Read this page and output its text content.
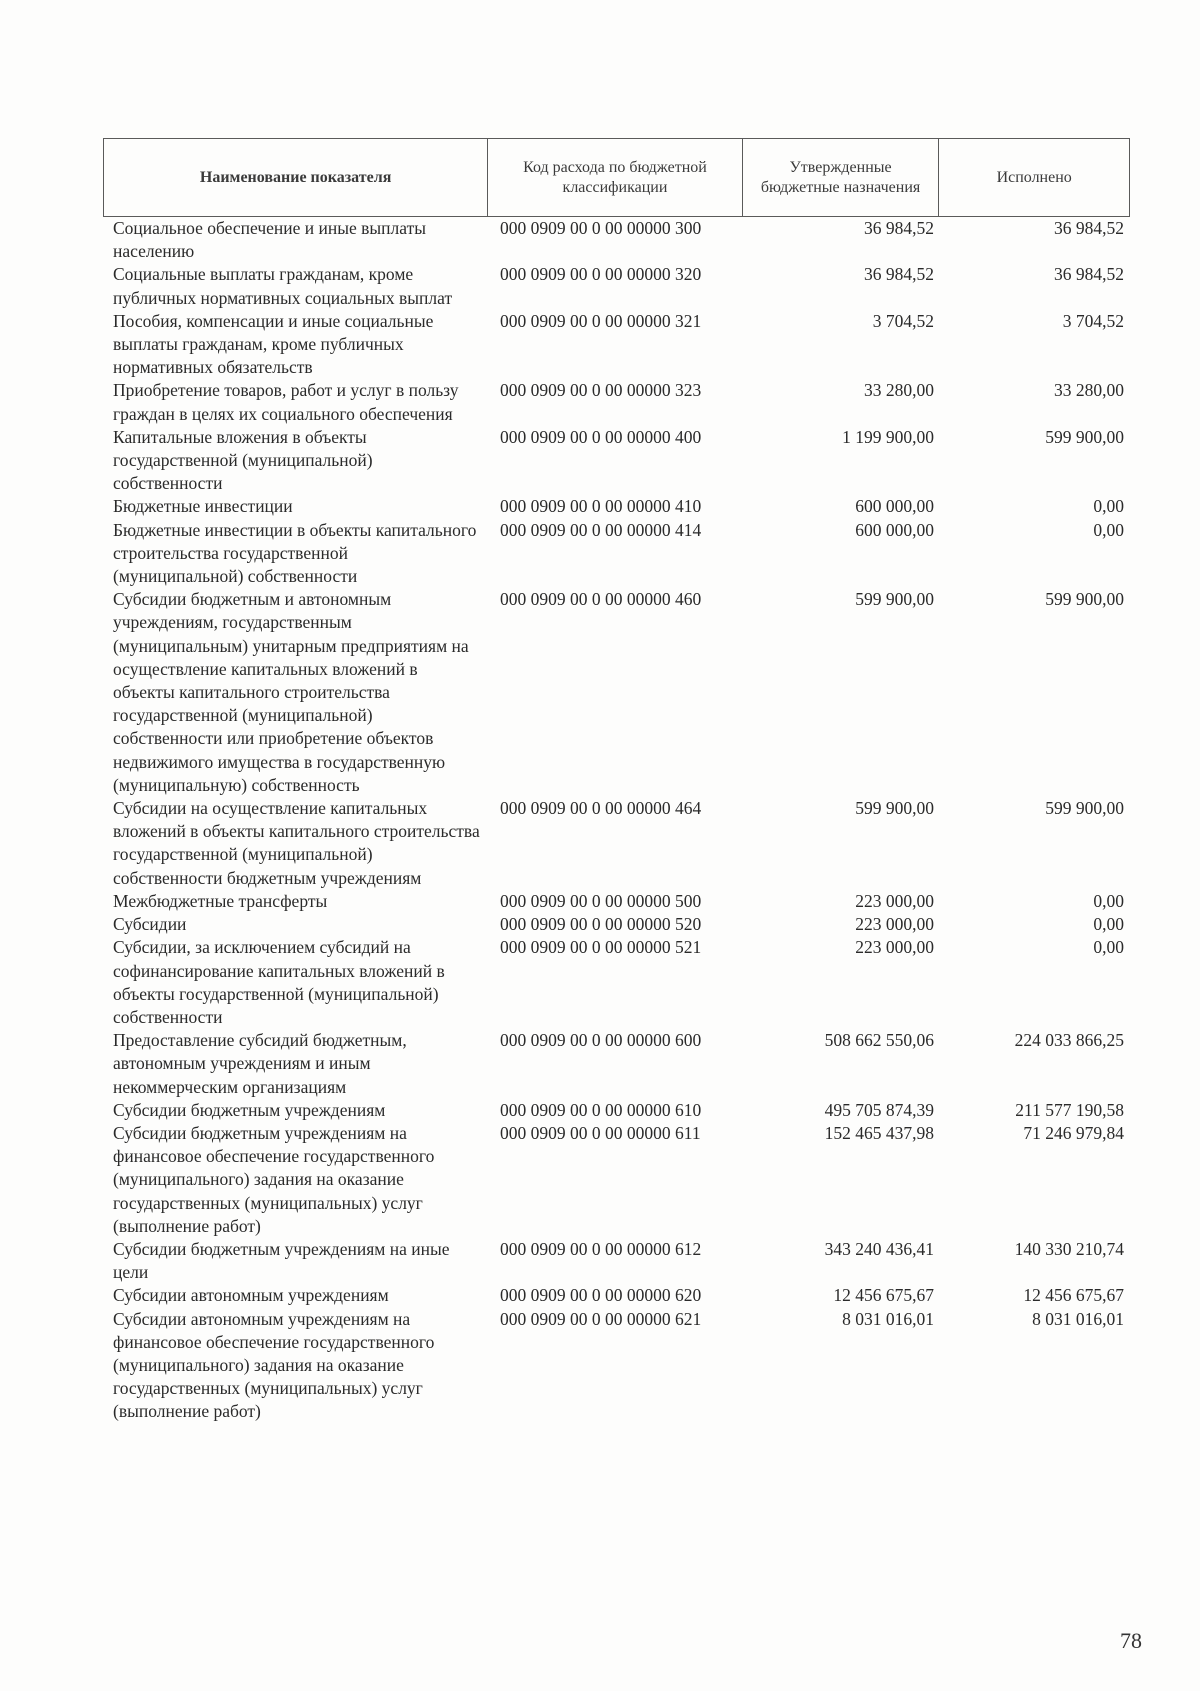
Наименование показателя
Код расхода по бюджетной классификации
Утвержденные бюджетные назначения
Исполнено
Социальное обеспечение и иные выплаты населению
000 0909 00 0 00 00000 300	36 984,52	36 984,52
Социальные выплаты гражданам, кроме публичных нормативных социальных выплат
000 0909 00 0 00 00000 320	36 984,52	36 984,52
Пособия, компенсации и иные социальные выплаты гражданам, кроме публичных нормативных обязательств
000 0909 00 0 00 00000 321	3 704,52	3 704,52
Приобретение товаров, работ и услуг в пользу граждан в целях их социального обеспечения
000 0909 00 0 00 00000 323	33 280,00	33 280,00
Капитальные вложения в объекты государственной (муниципальной) собственности
000 0909 00 0 00 00000 400	1 199 900,00	599 900,00
Бюджетные инвестиции	000 0909 00 0 00 00000 410	600 000,00	0,00
Бюджетные инвестиции в объекты капитального строительства государственной (муниципальной) собственности
000 0909 00 0 00 00000 414	600 000,00	0,00
Субсидии бюджетным и автономным учреждениям, государственным (муниципальным) унитарным предприятиям на осуществление капитальных вложений в объекты капитального строительства государственной (муниципальной) собственности или приобретение объектов недвижимого имущества в государственную (муниципальную) собственность
000 0909 00 0 00 00000 460	599 900,00	599 900,00
Субсидии на осуществление капитальных вложений в объекты капитального строительства государственной (муниципальной) собственности бюджетным учреждениям
000 0909 00 0 00 00000 464	599 900,00	599 900,00
Межбюджетные трансферты	000 0909 00 0 00 00000 500	223 000,00	0,00
Субсидии	000 0909 00 0 00 00000 520	223 000,00	0,00
Субсидии, за исключением субсидий на софинансирование капитальных вложений в объекты государственной (муниципальной) собственности
000 0909 00 0 00 00000 521	223 000,00	0,00
Предоставление субсидий бюджетным, автономным учреждениям и иным некоммерческим организациям
000 0909 00 0 00 00000 600	508 662 550,06	224 033 866,25
Субсидии бюджетным учреждениям	000 0909 00 0 00 00000 610	495 705 874,39	211 577 190,58
Субсидии бюджетным учреждениям на финансовое обеспечение государственного (муниципального) задания на оказание государственных (муниципальных) услуг (выполнение работ)
000 0909 00 0 00 00000 611	152 465 437,98	71 246 979,84
Субсидии бюджетным учреждениям на иные цели
000 0909 00 0 00 00000 612	343 240 436,41	140 330 210,74
Субсидии автономным учреждениям	000 0909 00 0 00 00000 620	12 456 675,67	12 456 675,67
Субсидии автономным учреждениям на финансовое обеспечение государственного (муниципального) задания на оказание государственных (муниципальных) услуг (выполнение работ)
000 0909 00 0 00 00000 621	8 031 016,01	8 031 016,01
78
